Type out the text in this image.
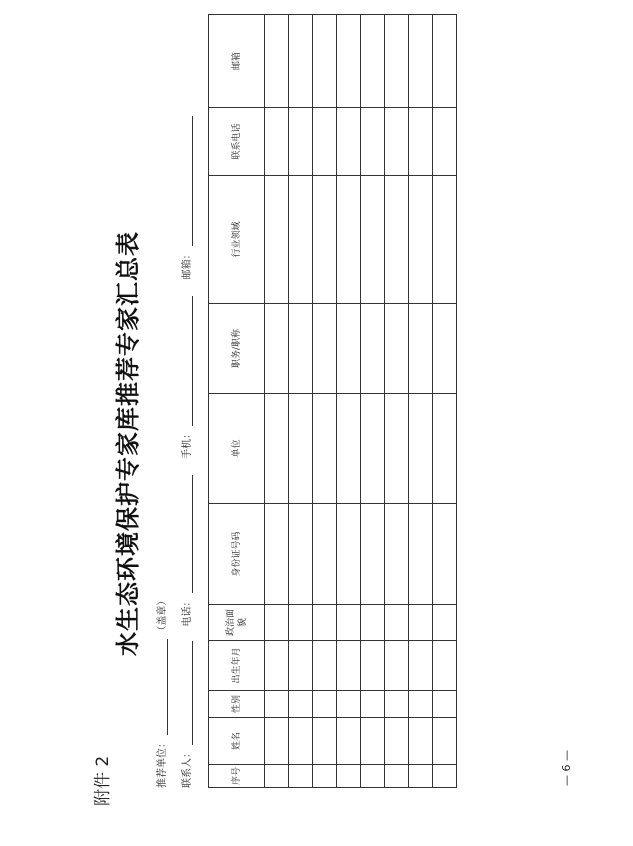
附件 2
水生态环境保护专家库推荐专家汇总表
推荐单位：  （盖章）
联系人：   电话：   手机：   邮箱：
序号	姓名	性别	出生年月	政治面貌	身份证号码	单位	职务/职称	行业领域	联系电话	邮箱

— 6 —
